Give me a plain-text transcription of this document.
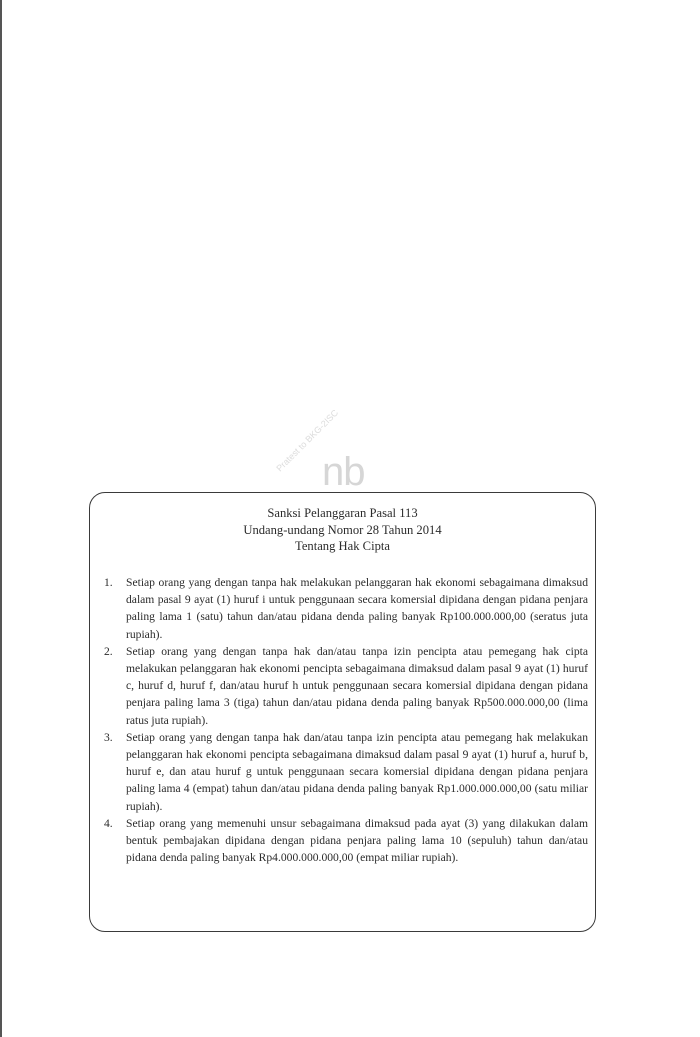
nb
Pratest to BKG-2ISC
Sanksi Pelanggaran Pasal 113
Undang-undang Nomor 28 Tahun 2014
Tentang Hak Cipta
1. Setiap orang yang dengan tanpa hak melakukan pelanggaran hak ekonomi sebagaimana dimaksud dalam pasal 9 ayat (1) huruf i untuk penggunaan secara komersial dipidana dengan pidana penjara paling lama 1 (satu) tahun dan/atau pidana denda paling banyak Rp100.000.000,00 (seratus juta rupiah).
2. Setiap orang yang dengan tanpa hak dan/atau tanpa izin pencipta atau pemegang hak cipta melakukan pelanggaran hak ekonomi pencipta sebagaimana dimaksud dalam pasal 9 ayat (1) huruf c, huruf d, huruf f, dan/atau huruf h untuk penggunaan secara komersial dipidana dengan pidana penjara paling lama 3 (tiga) tahun dan/atau pidana denda paling banyak Rp500.000.000,00 (lima ratus juta rupiah).
3. Setiap orang yang dengan tanpa hak dan/atau tanpa izin pencipta atau pemegang hak melakukan pelanggaran hak ekonomi pencipta sebagaimana dimaksud dalam pasal 9 ayat (1) huruf a, huruf b, huruf e, dan atau huruf g untuk penggunaan secara komersial dipidana dengan pidana penjara paling lama 4 (empat) tahun dan/atau pidana denda paling banyak Rp1.000.000.000,00 (satu miliar rupiah).
4. Setiap orang yang memenuhi unsur sebagaimana dimaksud pada ayat (3) yang dilakukan dalam bentuk pembajakan dipidana dengan pidana penjara paling lama 10 (sepuluh) tahun dan/atau pidana denda paling banyak Rp4.000.000.000,00 (empat miliar rupiah).
